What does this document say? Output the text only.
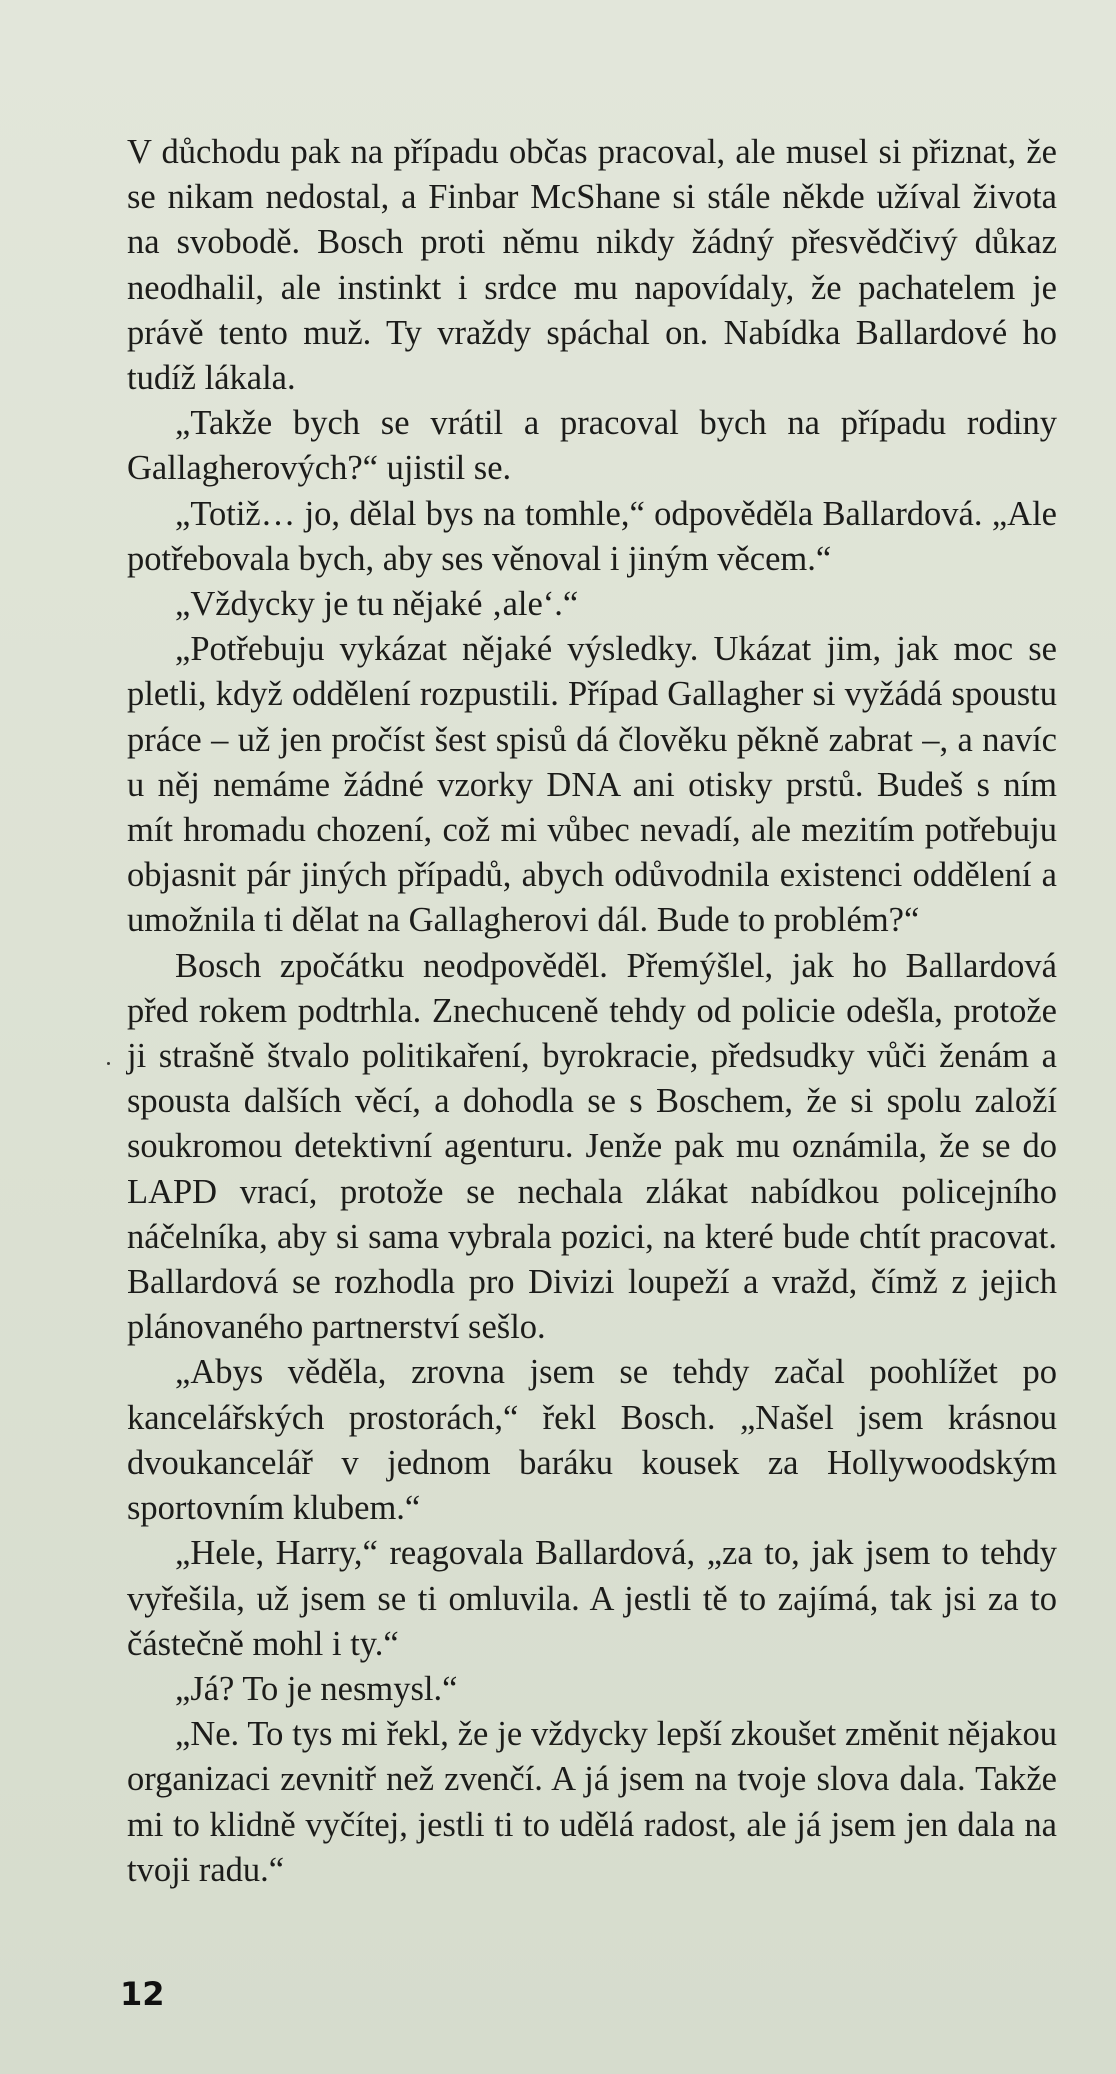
V důchodu pak na případu občas pracoval, ale musel si přiznat, že se nikam nedostal, a Finbar McShane si stále někde užíval života na svobodě. Bosch proti němu nikdy žádný přesvědčivý důkaz neodhalil, ale instinkt i srdce mu napovídaly, že pachatelem je právě tento muž. Ty vraždy spáchal on. Nabídka Ballardové ho tudíž lákala.

„Takže bych se vrátil a pracoval bych na případu rodiny Gallagherových?“ ujistil se.

„Totiž… jo, dělal bys na tomhle,“ odpověděla Ballardová. „Ale potřebovala bych, aby ses věnoval i jiným věcem.“

„Vždycky je tu nějaké ‚ale‘.“

„Potřebuju vykázat nějaké výsledky. Ukázat jim, jak moc se pletli, když oddělení rozpustili. Případ Gallagher si vyžádá spoustu práce – už jen pročíst šest spisů dá člověku pěkně zabrat –, a navíc u něj nemáme žádné vzorky DNA ani otisky prstů. Budeš s ním mít hromadu chození, což mi vůbec nevadí, ale mezitím potřebuju objasnit pár jiných případů, abych odůvodnila existenci oddělení a umožnila ti dělat na Gallagherovi dál. Bude to problém?“

Bosch zpočátku neodpověděl. Přemýšlel, jak ho Ballardová před rokem podtrhla. Znechuceně tehdy od policie odešla, protože ji strašně štvalo politikaření, byrokracie, předsudky vůči ženám a spousta dalších věcí, a dohodla se s Boschem, že si spolu založí soukromou detektivní agenturu. Jenže pak mu oznámila, že se do LAPD vrací, protože se nechala zlákat nabídkou policejního náčelníka, aby si sama vybrala pozici, na které bude chtít pracovat. Ballardová se rozhodla pro Divizi loupeží a vražd, čímž z jejich plánovaného partnerství sešlo.

„Abys věděla, zrovna jsem se tehdy začal poohlížet po kancelářských prostorách,“ řekl Bosch. „Našel jsem krásnou dvoukancelář v jednom baráku kousek za Hollywoodským sportovním klubem.“

„Hele, Harry,“ reagovala Ballardová, „za to, jak jsem to tehdy vyřešila, už jsem se ti omluvila. A jestli tě to zajímá, tak jsi za to částečně mohl i ty.“

„Já? To je nesmysl.“

„Ne. To tys mi řekl, že je vždycky lepší zkoušet změnit nějakou organizaci zevnitř než zvenčí. A já jsem na tvoje slova dala. Takže mi to klidně vyčítej, jestli ti to udělá radost, ale já jsem jen dala na tvoji radu.“

12
